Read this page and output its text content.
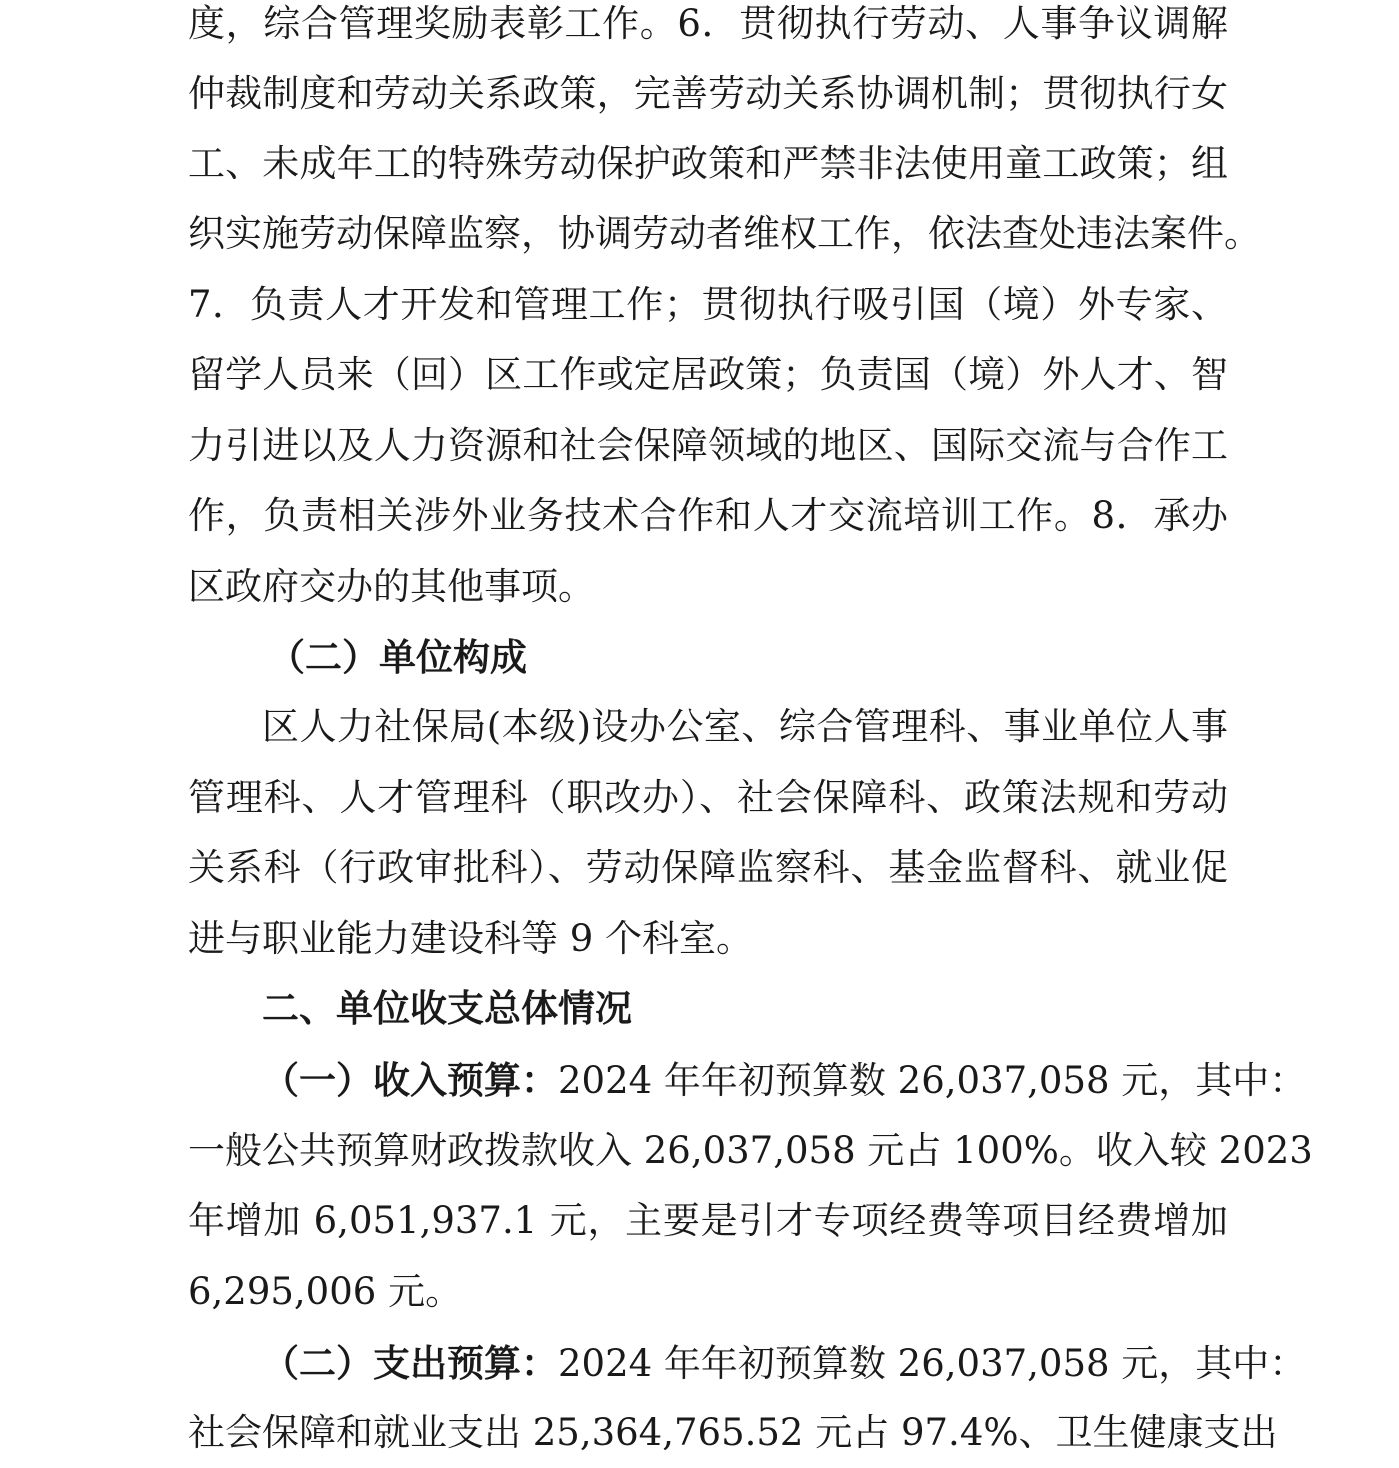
度，综合管理奖励表彰工作。6．贯彻执行劳动、人事争议调解
仲裁制度和劳动关系政策，完善劳动关系协调机制；贯彻执行女
工、未成年工的特殊劳动保护政策和严禁非法使用童工政策；组
织实施劳动保障监察，协调劳动者维权工作，依法查处违法案件。
7．负责人才开发和管理工作；贯彻执行吸引国（境）外专家、
留学人员来（回）区工作或定居政策；负责国（境）外人才、智
力引进以及人力资源和社会保障领域的地区、国际交流与合作工
作，负责相关涉外业务技术合作和人才交流培训工作。8．承办
区政府交办的其他事项。
（二）单位构成
区人力社保局(本级)设办公室、综合管理科、事业单位人事
管理科、人才管理科（职改办）、社会保障科、政策法规和劳动
关系科（行政审批科）、劳动保障监察科、基金监督科、就业促
进与职业能力建设科等 9 个科室。
二、单位收支总体情况
（一）收入预算：2024 年年初预算数 26,037,058 元，其中：
一般公共预算财政拨款收入 26,037,058 元占 100%。收入较 2023
年增加 6,051,937.1 元，主要是引才专项经费等项目经费增加
6,295,006 元。
（二）支出预算：2024 年年初预算数 26,037,058 元，其中：
社会保障和就业支出 25,364,765.52 元占 97.4%、卫生健康支出
